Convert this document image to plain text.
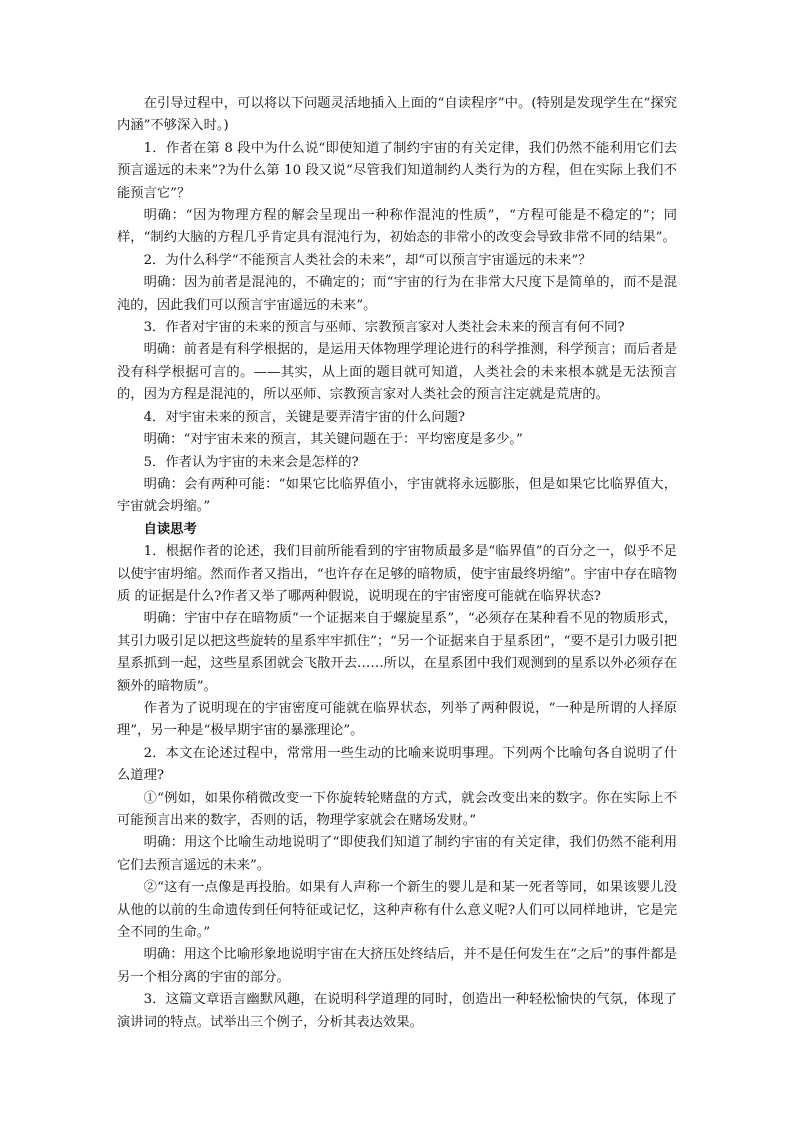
在引导过程中，可以将以下问题灵活地插入上面的“自读程序”中。(特别是发现学生在“探究内涵”不够深入时。)

1．作者在第 8 段中为什么说“即使知道了制约宇宙的有关定律，我们仍然不能利用它们去预言遥远的未来”?为什么第 10 段又说“尽管我们知道制约人类行为的方程，但在实际上我们不能预言它”？

明确：“因为物理方程的解会呈现出一种称作混沌的性质”，“方程可能是不稳定的”；同样，“制约大脑的方程几乎肯定具有混沌行为，初始态的非常小的改变会导致非常不同的结果”。

2．为什么科学“不能预言人类社会的未来”，却“可以预言宇宙遥远的未来”？

明确：因为前者是混沌的，不确定的；而“宇宙的行为在非常大尺度下是简单的，而不是混沌的，因此我们可以预言宇宙遥远的未来”。

3．作者对宇宙的未来的预言与巫师、宗教预言家对人类社会未来的预言有何不同?

明确：前者是有科学根据的，是运用天体物理学理论进行的科学推测，科学预言；而后者是没有科学根据可言的。——其实，从上面的题目就可知道，人类社会的未来根本就是无法预言的，因为方程是混沌的，所以巫师、宗教预言家对人类社会的预言注定就是荒唐的。

4．对宇宙未来的预言，关键是要弄清宇宙的什么问题?

明确：“对宇宙未来的预言，其关键问题在于：平均密度是多少。”

5．作者认为宇宙的未来会是怎样的?

明确：会有两种可能：“如果它比临界值小，宇宙就将永远膨胀，但是如果它比临界值大，宇宙就会坍缩。”

自读思考

1．根据作者的论述，我们目前所能看到的宇宙物质最多是“临界值”的百分之一，似乎不足以使宇宙坍缩。然而作者又指出，“也许存在足够的暗物质，使宇宙最终坍缩”。宇宙中存在暗物质 的证据是什么?作者又举了哪两种假说，说明现在的宇宙密度可能就在临界状态?

明确：宇宙中存在暗物质“一个证据来自于螺旋星系”，“必须存在某种看不见的物质形式，其引力吸引足以把这些旋转的星系牢牢抓住”；“另一个证据来自于星系团”，“要不是引力吸引把星系抓到一起，这些星系团就会飞散开去……所以，在星系团中我们观测到的星系以外必须存在额外的暗物质”。

作者为了说明现在的宇宙密度可能就在临界状态，列举了两种假说，“一种是所谓的人择原理”，另一种是“极早期宇宙的暴涨理论”。

2．本文在论述过程中，常常用一些生动的比喻来说明事理。下列两个比喻句各自说明了什么道理?

①“例如，如果你稍微改变一下你旋转轮赌盘的方式，就会改变出来的数字。你在实际上不可能预言出来的数字，否则的话，物理学家就会在赌场发财。”

明确：用这个比喻生动地说明了“即使我们知道了制约宇宙的有关定律，我们仍然不能利用它们去预言遥远的未来”。

②“这有一点像是再投胎。如果有人声称一个新生的婴儿是和某一死者等同，如果该婴儿没从他的以前的生命遗传到任何特征或记忆，这种声称有什么意义呢?人们可以同样地讲，它是完全不同的生命。”

明确：用这个比喻形象地说明宇宙在大挤压处终结后，并不是任何发生在“之后”的事件都是另一个相分离的宇宙的部分。

3．这篇文章语言幽默风趣，在说明科学道理的同时，创造出一种轻松愉快的气氛，体现了演讲词的特点。试举出三个例子，分析其表达效果。
